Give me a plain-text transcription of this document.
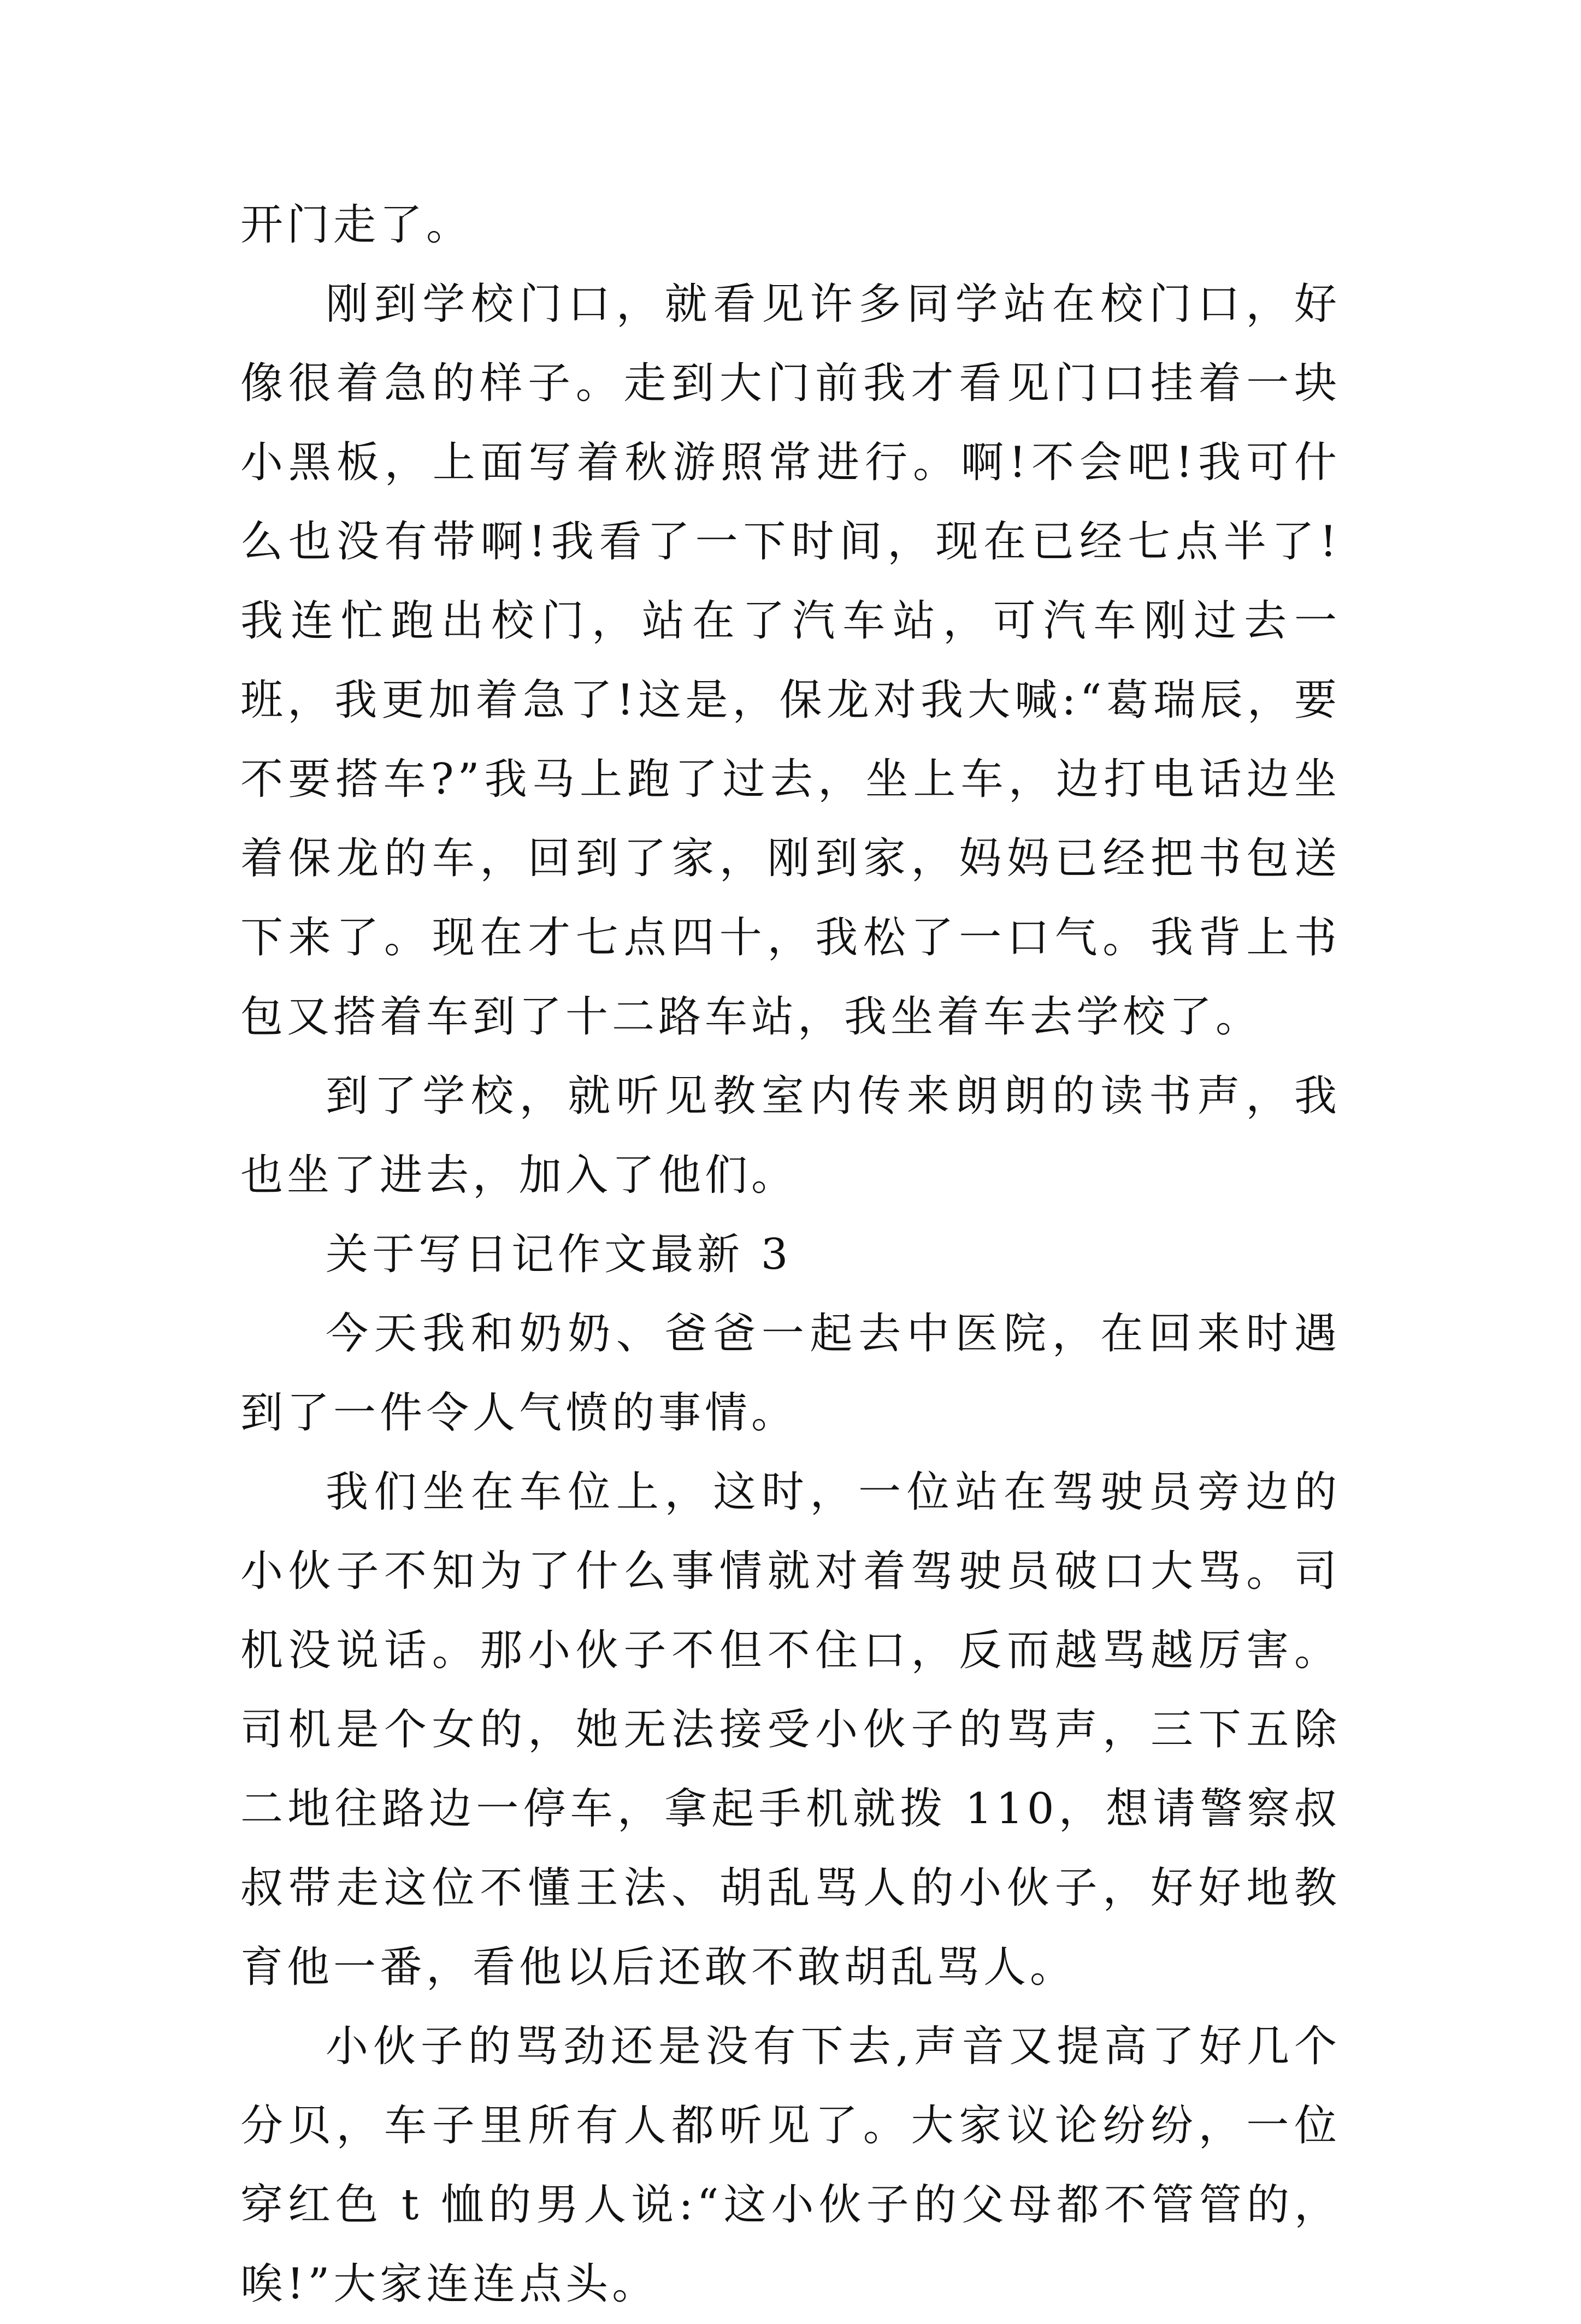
开门走了。

刚到学校门口，就看见许多同学站在校门口，好像很着急的样子。走到大门前我才看见门口挂着一块小黑板，上面写着秋游照常进行。啊!不会吧!我可什么也没有带啊!我看了一下时间，现在已经七点半了!我连忙跑出校门，站在了汽车站，可汽车刚过去一班，我更加着急了!这是，保龙对我大喊:“葛瑞辰，要不要搭车?”我马上跑了过去，坐上车，边打电话边坐着保龙的车，回到了家，刚到家，妈妈已经把书包送下来了。现在才七点四十，我松了一口气。我背上书包又搭着车到了十二路车站，我坐着车去学校了。

到了学校，就听见教室内传来朗朗的读书声，我也坐了进去，加入了他们。

关于写日记作文最新 3

今天我和奶奶、爸爸一起去中医院，在回来时遇到了一件令人气愤的事情。

我们坐在车位上，这时，一位站在驾驶员旁边的小伙子不知为了什么事情就对着驾驶员破口大骂。司机没说话。那小伙子不但不住口，反而越骂越厉害。司机是个女的，她无法接受小伙子的骂声，三下五除二地往路边一停车，拿起手机就拨 110，想请警察叔叔带走这位不懂王法、胡乱骂人的小伙子，好好地教育他一番，看他以后还敢不敢胡乱骂人。

小伙子的骂劲还是没有下去,声音又提高了好几个分贝，车子里所有人都听见了。大家议论纷纷，一位穿红色 t 恤的男人说:“这小伙子的父母都不管管的，唉!”大家连连点头。
